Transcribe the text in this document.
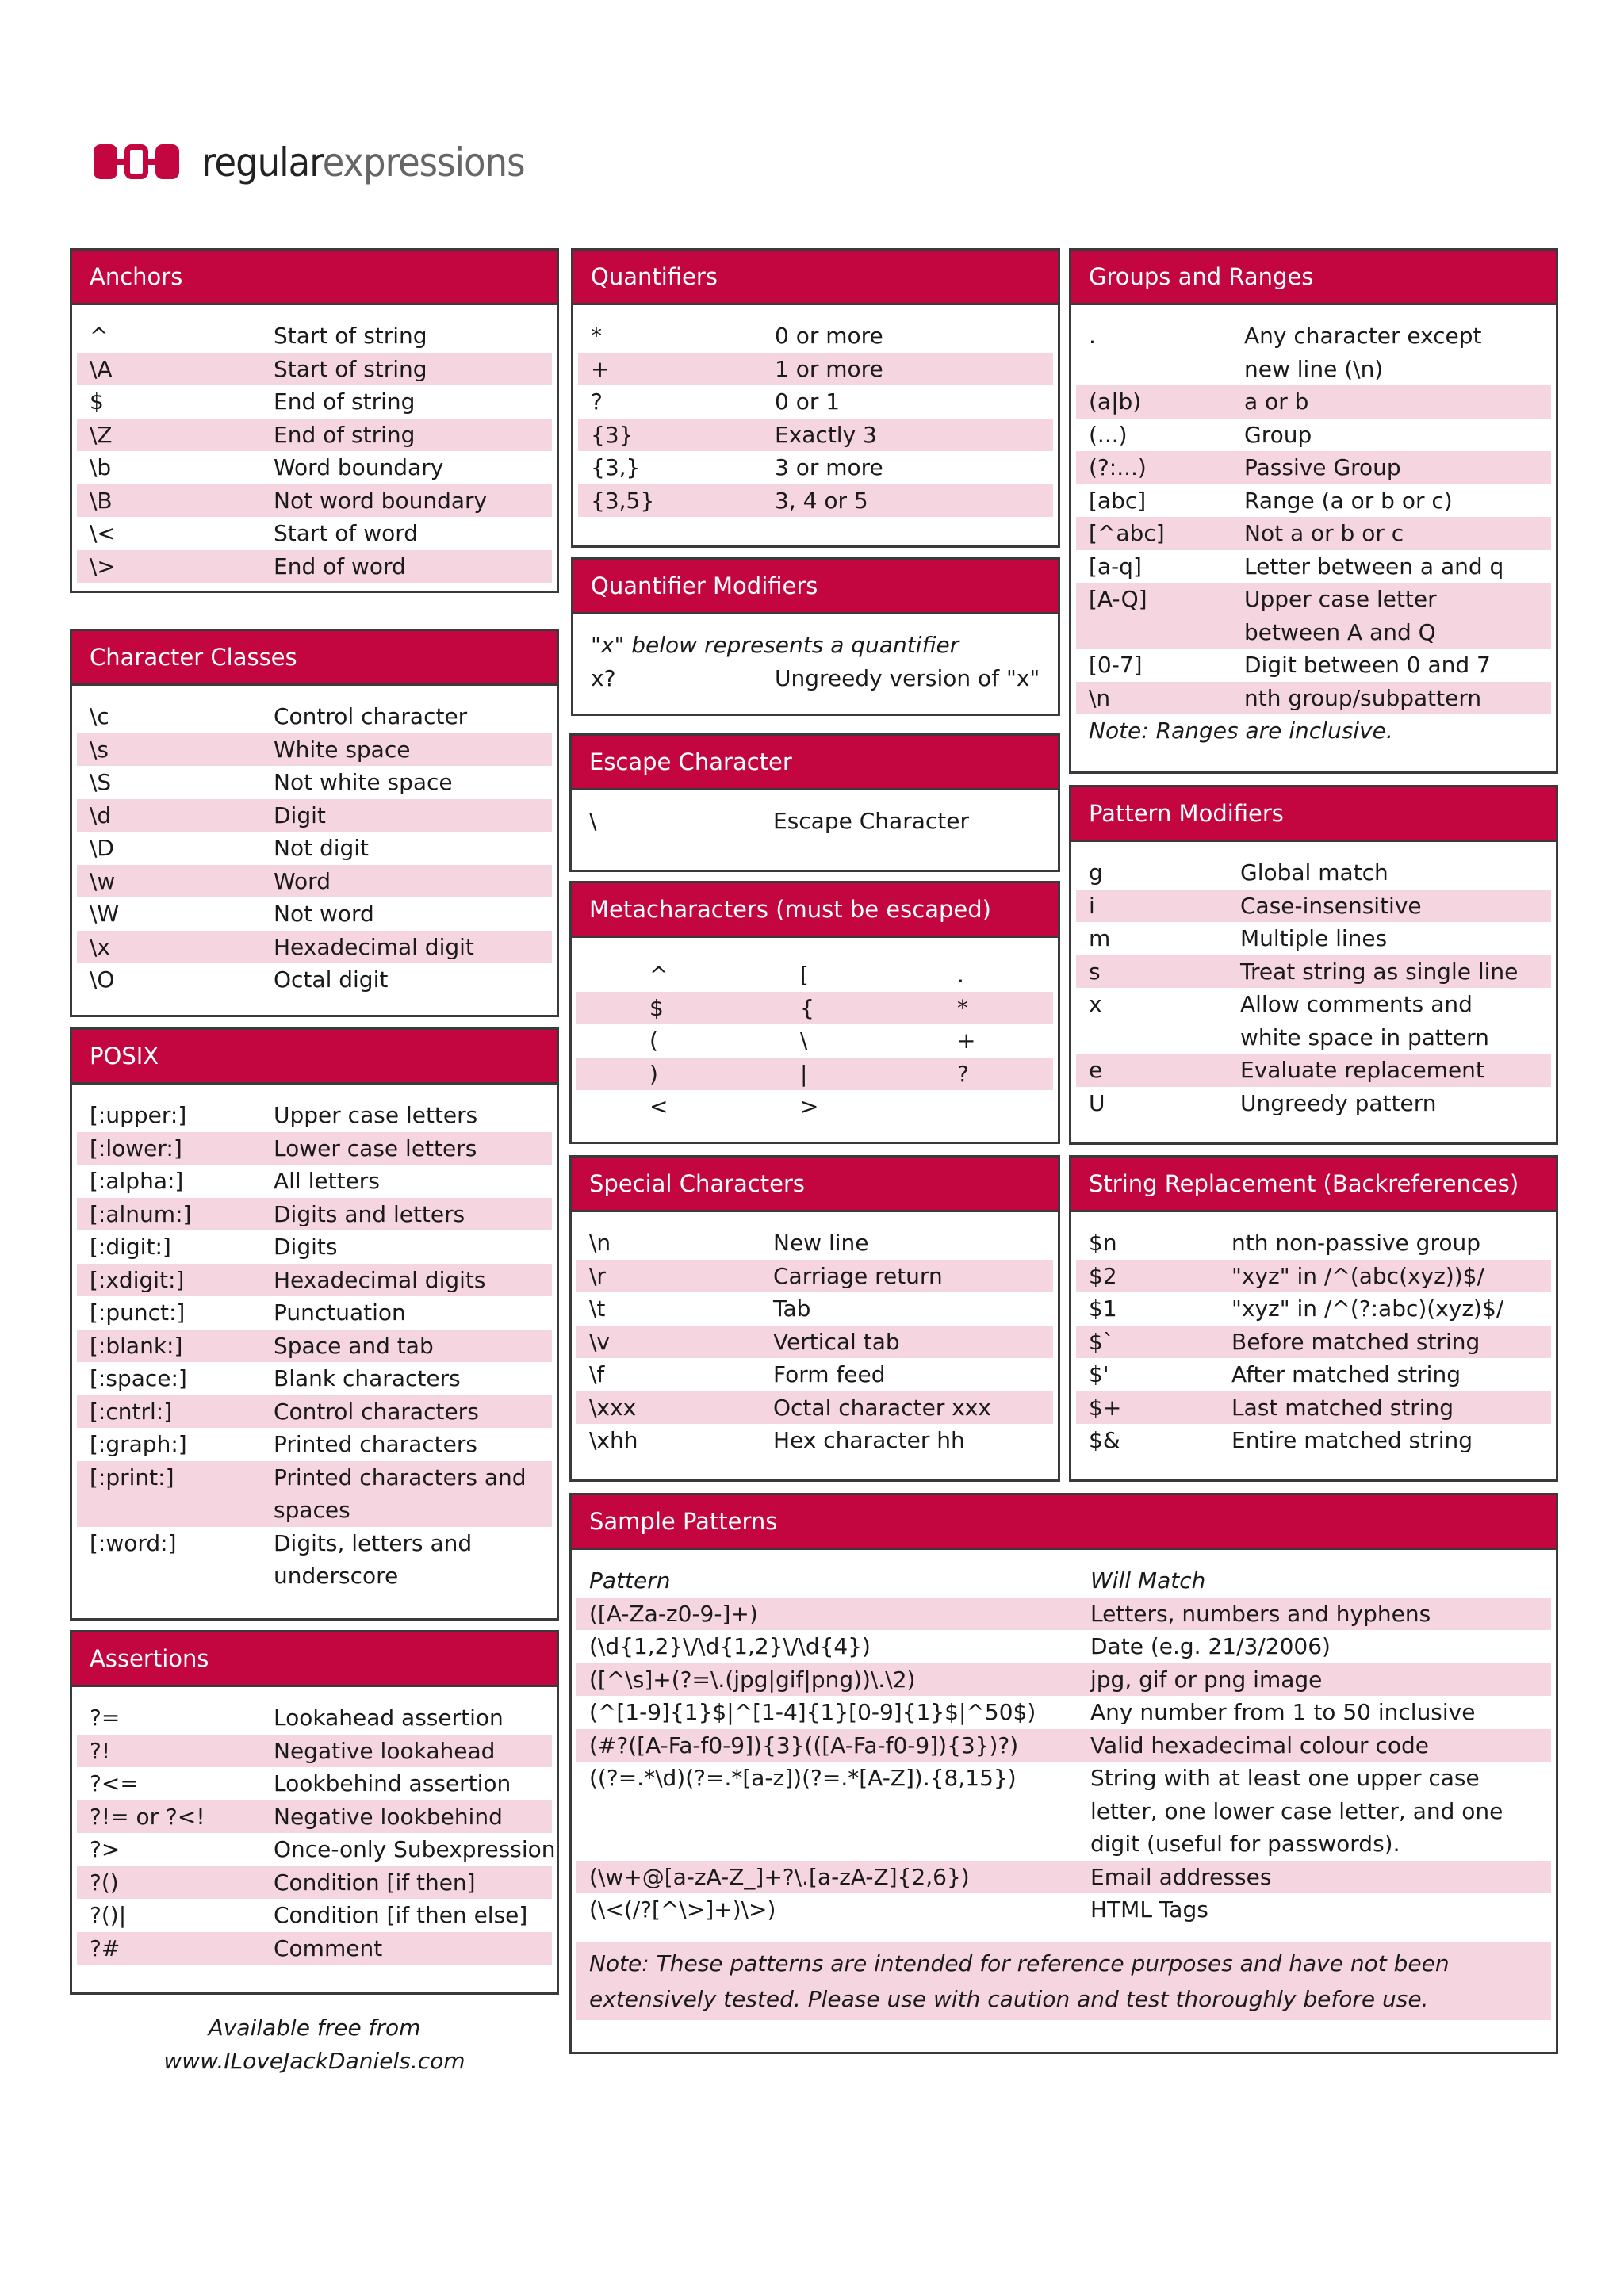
regularexpressions
Anchors
^	Start of string
\A	Start of string
$	End of string
\Z	End of string
\b	Word boundary
\B	Not word boundary
\<	Start of word
\>	End of word
Character Classes
\c	Control character
\s	White space
\S	Not white space
\d	Digit
\D	Not digit
\w	Word
\W	Not word
\x	Hexadecimal digit
\O	Octal digit
POSIX
[:upper:]	Upper case letters
[:lower:]	Lower case letters
[:alpha:]	All letters
[:alnum:]	Digits and letters
[:digit:]	Digits
[:xdigit:]	Hexadecimal digits
[:punct:]	Punctuation
[:blank:]	Space and tab
[:space:]	Blank characters
[:cntrl:]	Control characters
[:graph:]	Printed characters
[:print:]	Printed characters and
spaces
[:word:]	Digits, letters and
underscore
Assertions
?=	Lookahead assertion
?!	Negative lookahead
?<=	Lookbehind assertion
?!= or ?<!	Negative lookbehind
?>	Once-only Subexpression
?()	Condition [if then]
?()|	Condition [if then else]
?#	Comment
Available free from
www.ILoveJackDaniels.com
Quantifiers
*	0 or more
+	1 or more
?	0 or 1
{3}	Exactly 3
{3,}	3 or more
{3,5}	3, 4 or 5
Quantifier Modifiers
"x" below represents a quantifier
x?	Ungreedy version of "x"
Escape Character
\	Escape Character
Metacharacters (must be escaped)
^	[	.
$	{	*
(	\	+
)	|	?
<	>
Special Characters
\n	New line
\r	Carriage return
\t	Tab
\v	Vertical tab
\f	Form feed
\xxx	Octal character xxx
\xhh	Hex character hh
Groups and Ranges
.	Any character except
new line (\n)
(a|b)	a or b
(...)	Group
(?:...)	Passive Group
[abc]	Range (a or b or c)
[^abc]	Not a or b or c
[a-q]	Letter between a and q
[A-Q]	Upper case letter
between A and Q
[0-7]	Digit between 0 and 7
\n	nth group/subpattern
Note: Ranges are inclusive.
Pattern Modifiers
g	Global match
i	Case-insensitive
m	Multiple lines
s	Treat string as single line
x	Allow comments and
white space in pattern
e	Evaluate replacement
U	Ungreedy pattern
String Replacement (Backreferences)
$n	nth non-passive group
$2	"xyz" in /^(abc(xyz))$/
$1	"xyz" in /^(?:abc)(xyz)$/
$`	Before matched string
$'	After matched string
$+	Last matched string
$&	Entire matched string
Sample Patterns
Pattern	Will Match
([A-Za-z0-9-]+)	Letters, numbers and hyphens
(\d{1,2}\/\d{1,2}\/\d{4})	Date (e.g. 21/3/2006)
([^\s]+(?=\.(jpg|gif|png))\.\2)	jpg, gif or png image
(^[1-9]{1}$|^[1-4]{1}[0-9]{1}$|^50$)	Any number from 1 to 50 inclusive
(#?([A-Fa-f0-9]){3}(([A-Fa-f0-9]){3})?)	Valid hexadecimal colour code
((?=.*\d)(?=.*[a-z])(?=.*[A-Z]).{8,15})	String with at least one upper case
letter, one lower case letter, and one
digit (useful for passwords).
(\w+@[a-zA-Z_]+?\.[a-zA-Z]{2,6})	Email addresses
(\<(/?[^\>]+)\>)	HTML Tags
Note: These patterns are intended for reference purposes and have not been
extensively tested. Please use with caution and test thoroughly before use.
